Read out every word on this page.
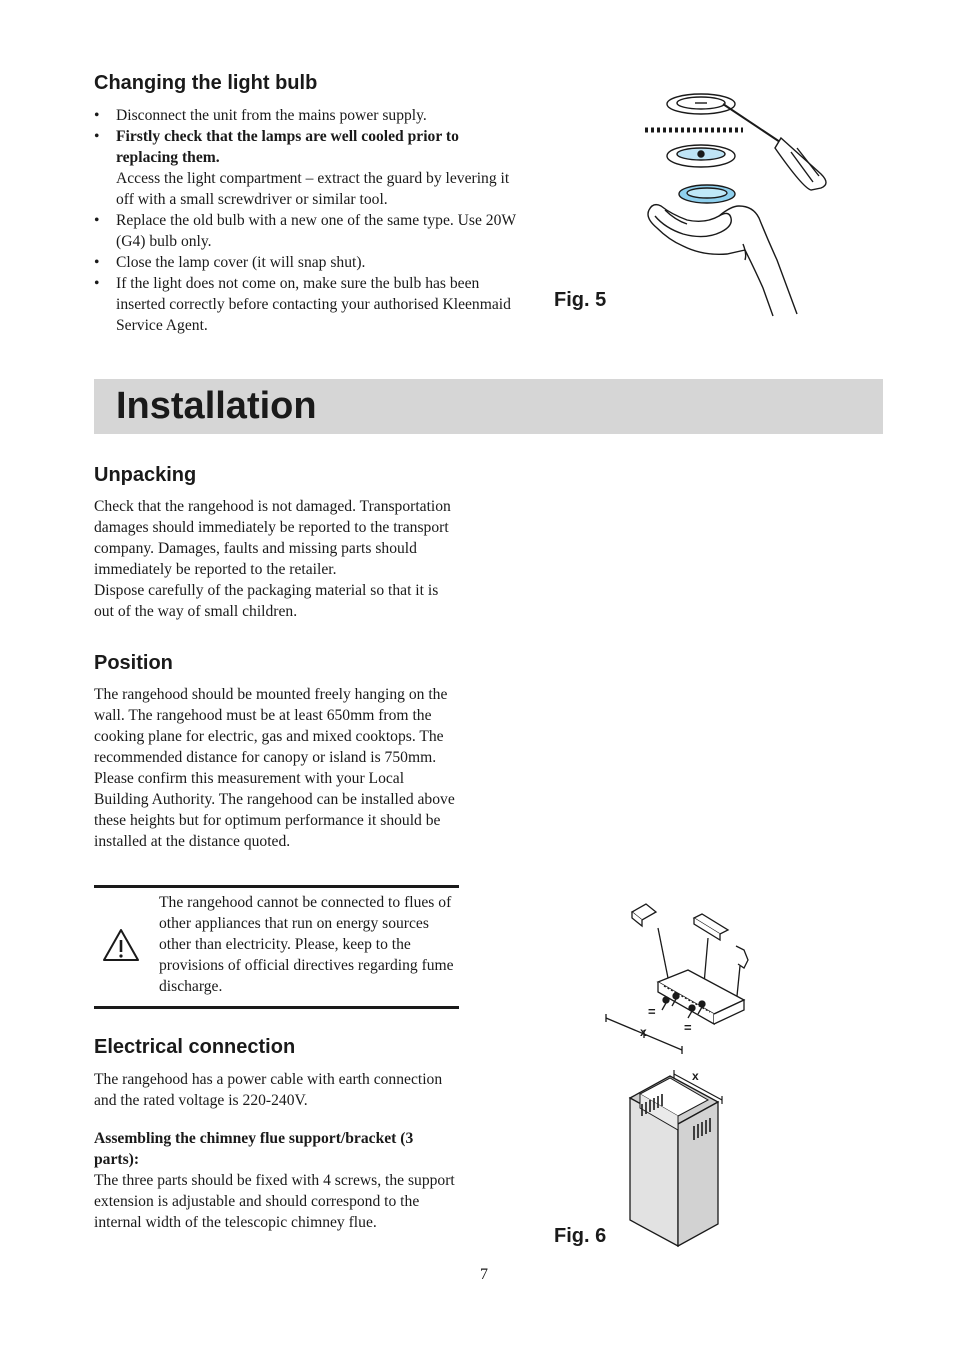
Changing the light bulb
• Disconnect the unit from the mains power supply.
• Firstly check that the lamps are well cooled prior to replacing them.
Access the light compartment – extract the guard by levering it off with a small screwdriver or similar tool.
• Replace the old bulb with a new one of the same type. Use 20W (G4) bulb only.
• Close the lamp cover (it will snap shut).
• If the light does not come on, make sure the bulb has been inserted correctly before contacting your authorised Kleenmaid Service Agent.
Fig. 5
Installation
Unpacking

Check that the rangehood is not damaged. Transportation damages should immediately be reported to the transport company. Damages, faults and missing parts should immediately be reported to the retailer.

Dispose carefully of the packaging material so that it is out of the way of small children.

Position

The rangehood should be mounted freely hanging on the wall. The rangehood must be at least 650mm from the cooking plane for electric, gas and mixed cooktops. The recommended distance for canopy or island is 750mm. Please confirm this measurement with your Local Building Authority. The rangehood can be installed above these heights but for optimum performance it should be installed at the distance quoted.

The rangehood cannot be connected to flues of other appliances that run on energy sources other than electricity. Please, keep to the provisions of official directives regarding fume discharge.

Electrical connection

The rangehood has a power cable with earth connection and the rated voltage is 220-240V.

Assembling the chimney flue support/bracket (3 parts):

The three parts should be fixed with 4 screws, the support extension is adjustable and should correspond to the internal width of the telescopic chimney flue.

=
=
x
x
Fig. 6
7
